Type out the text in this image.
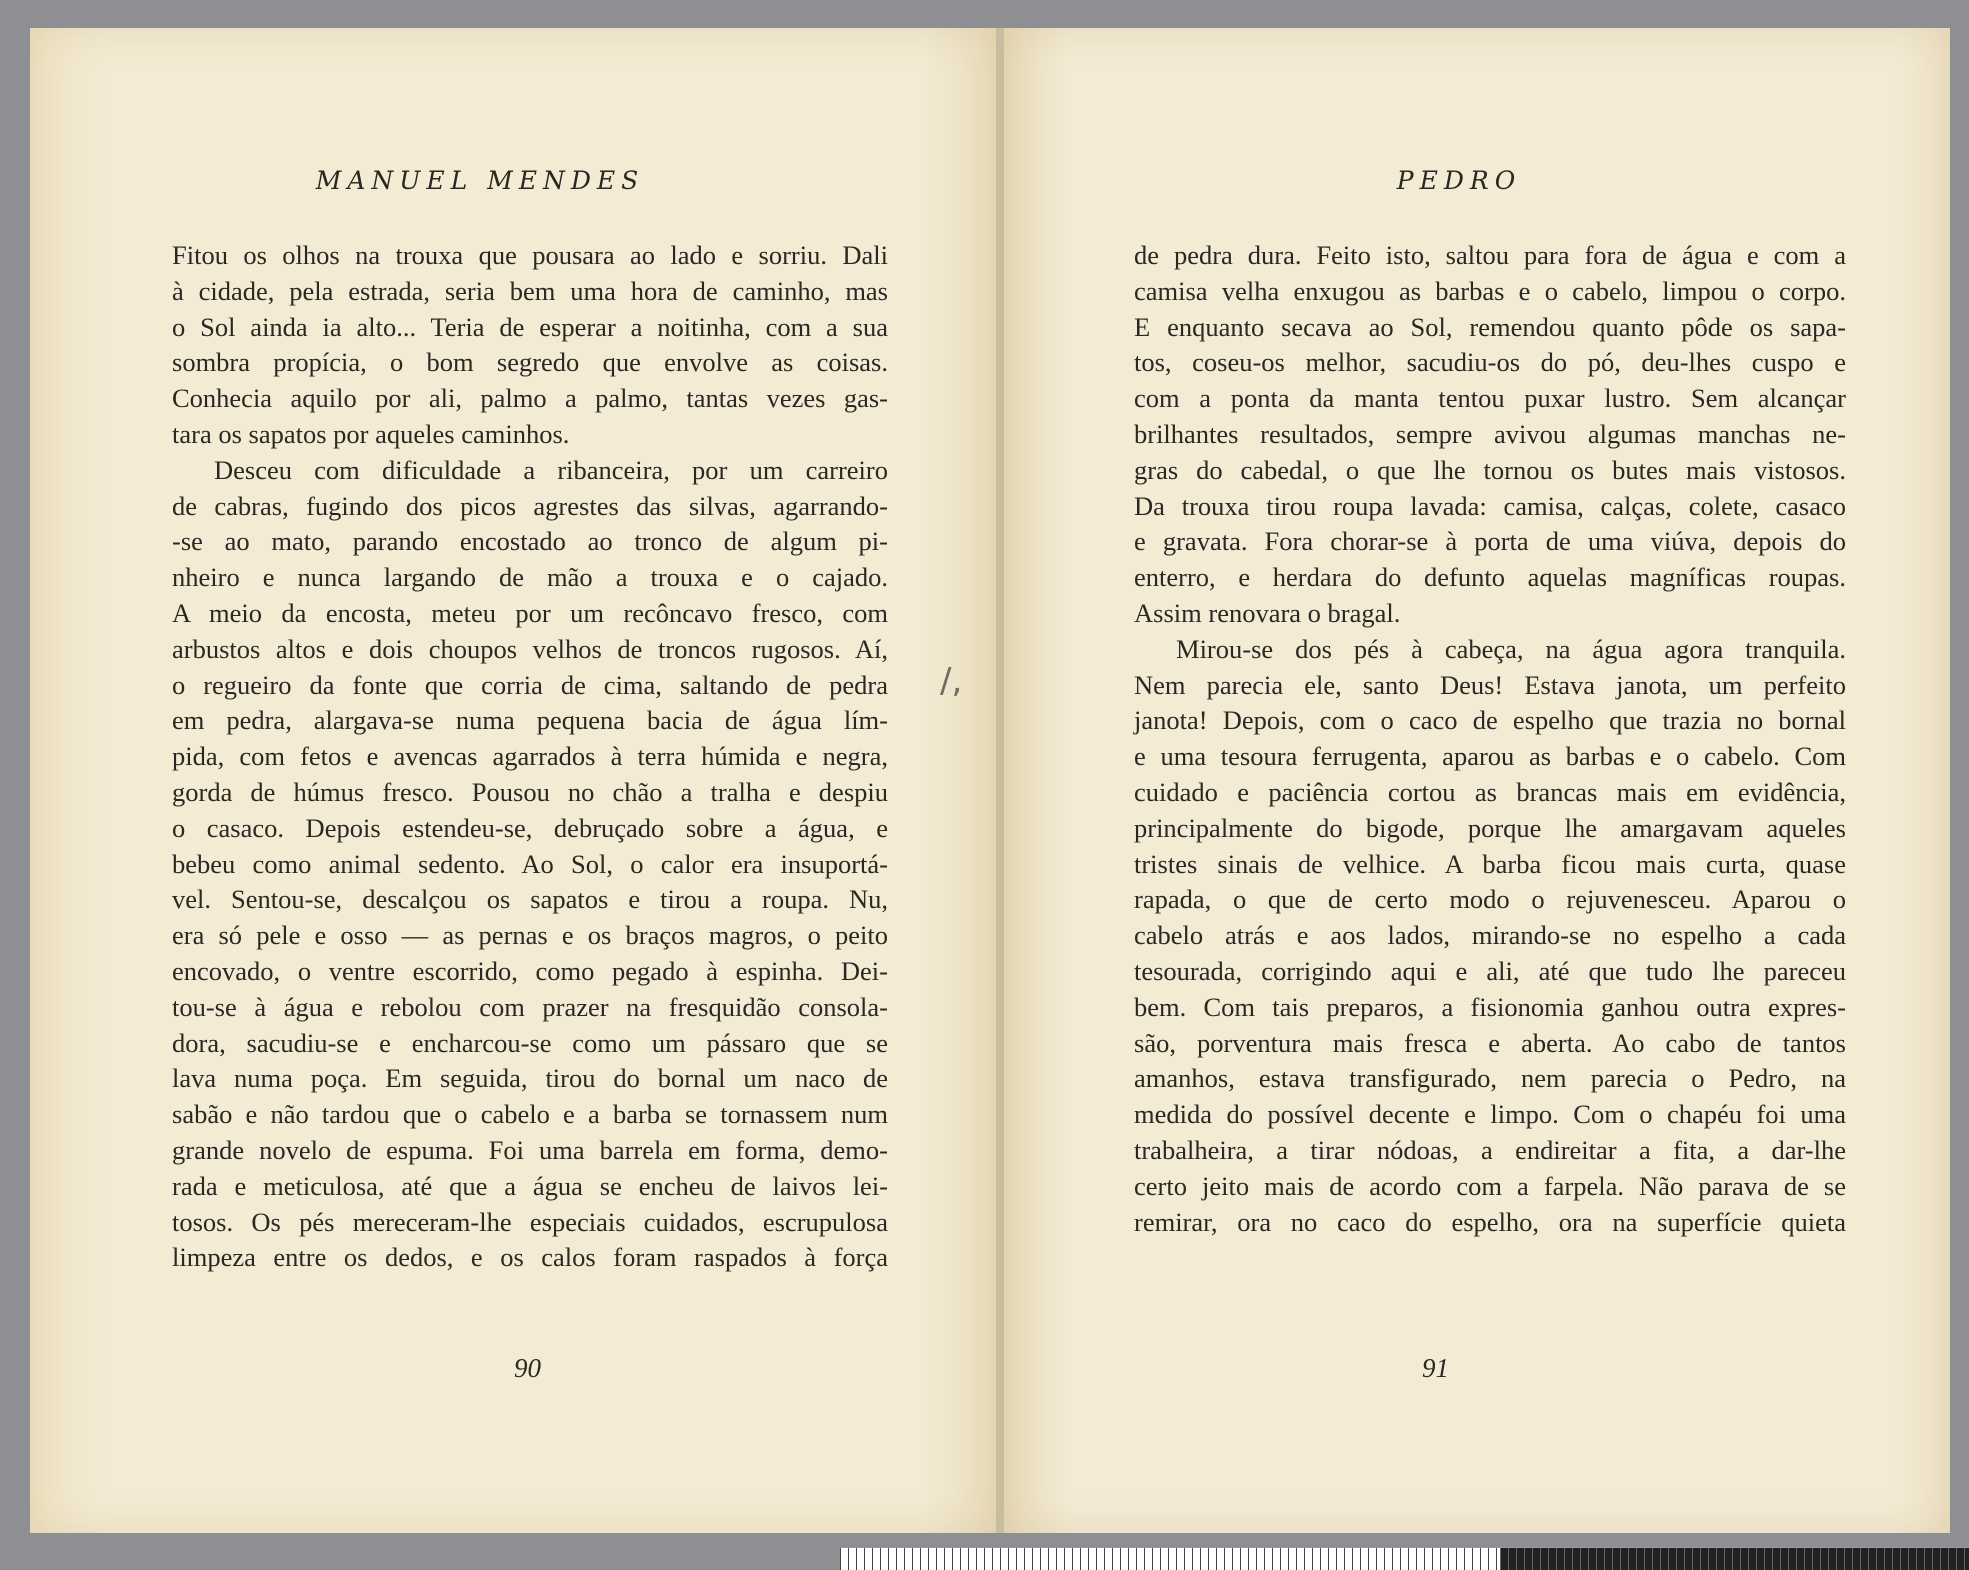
MANUEL MENDES
Fitou os olhos na trouxa que pousara ao lado e sorriu. Dali
à cidade, pela estrada, seria bem uma hora de caminho, mas
o Sol ainda ia alto... Teria de esperar a noitinha, com a sua
sombra propícia, o bom segredo que envolve as coisas.
Conhecia aquilo por ali, palmo a palmo, tantas vezes gas-
tara os sapatos por aqueles caminhos.
Desceu com dificuldade a ribanceira, por um carreiro
de cabras, fugindo dos picos agrestes das silvas, agarrando-
-se ao mato, parando encostado ao tronco de algum pi-
nheiro e nunca largando de mão a trouxa e o cajado.
A meio da encosta, meteu por um recôncavo fresco, com
arbustos altos e dois choupos velhos de troncos rugosos. Aí,
o regueiro da fonte que corria de cima, saltando de pedra
em pedra, alargava-se numa pequena bacia de água lím-
pida, com fetos e avencas agarrados à terra húmida e negra,
gorda de húmus fresco. Pousou no chão a tralha e despiu
o casaco. Depois estendeu-se, debruçado sobre a água, e
bebeu como animal sedento. Ao Sol, o calor era insuportá-
vel. Sentou-se, descalçou os sapatos e tirou a roupa. Nu,
era só pele e osso — as pernas e os braços magros, o peito
encovado, o ventre escorrido, como pegado à espinha. Dei-
tou-se à água e rebolou com prazer na fresquidão consola-
dora, sacudiu-se e encharcou-se como um pássaro que se
lava numa poça. Em seguida, tirou do bornal um naco de
sabão e não tardou que o cabelo e a barba se tornassem num
grande novelo de espuma. Foi uma barrela em forma, demo-
rada e meticulosa, até que a água se encheu de laivos lei-
tosos. Os pés mereceram-lhe especiais cuidados, escrupulosa
limpeza entre os dedos, e os calos foram raspados à força
90
/,
PEDRO
de pedra dura. Feito isto, saltou para fora de água e com a
camisa velha enxugou as barbas e o cabelo, limpou o corpo.
E enquanto secava ao Sol, remendou quanto pôde os sapa-
tos, coseu-os melhor, sacudiu-os do pó, deu-lhes cuspo e
com a ponta da manta tentou puxar lustro. Sem alcançar
brilhantes resultados, sempre avivou algumas manchas ne-
gras do cabedal, o que lhe tornou os butes mais vistosos.
Da trouxa tirou roupa lavada: camisa, calças, colete, casaco
e gravata. Fora chorar-se à porta de uma viúva, depois do
enterro, e herdara do defunto aquelas magníficas roupas.
Assim renovara o bragal.
Mirou-se dos pés à cabeça, na água agora tranquila.
Nem parecia ele, santo Deus! Estava janota, um perfeito
janota! Depois, com o caco de espelho que trazia no bornal
e uma tesoura ferrugenta, aparou as barbas e o cabelo. Com
cuidado e paciência cortou as brancas mais em evidência,
principalmente do bigode, porque lhe amargavam aqueles
tristes sinais de velhice. A barba ficou mais curta, quase
rapada, o que de certo modo o rejuvenesceu. Aparou o
cabelo atrás e aos lados, mirando-se no espelho a cada
tesourada, corrigindo aqui e ali, até que tudo lhe pareceu
bem. Com tais preparos, a fisionomia ganhou outra expres-
são, porventura mais fresca e aberta. Ao cabo de tantos
amanhos, estava transfigurado, nem parecia o Pedro, na
medida do possível decente e limpo. Com o chapéu foi uma
trabalheira, a tirar nódoas, a endireitar a fita, a dar-lhe
certo jeito mais de acordo com a farpela. Não parava de se
remirar, ora no caco do espelho, ora na superfície quieta
91
